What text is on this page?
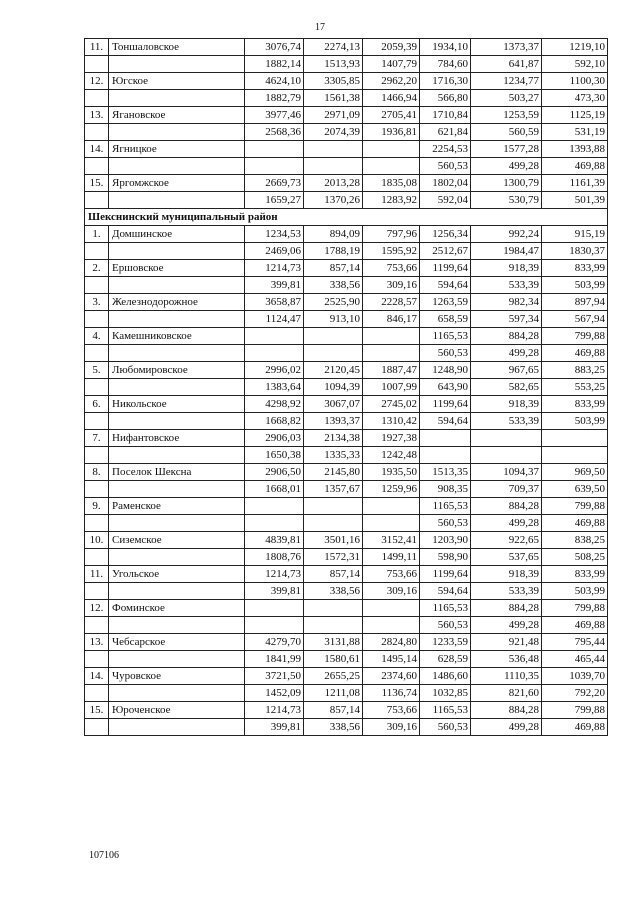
17
11.	Тоншаловское	3076,74	2274,13	2059,39	1934,10	1373,37	1219,10
		1882,14	1513,93	1407,79	784,60	641,87	592,10
12.	Югское	4624,10	3305,85	2962,20	1716,30	1234,77	1100,30
		1882,79	1561,38	1466,94	566,80	503,27	473,30
13.	Ягановское	3977,46	2971,09	2705,41	1710,84	1253,59	1125,19
		2568,36	2074,39	1936,81	621,84	560,59	531,19
14.	Ягницкое				2254,53	1577,28	1393,88
					560,53	499,28	469,88
15.	Яргомжское	2669,73	2013,28	1835,08	1802,04	1300,79	1161,39
		1659,27	1370,26	1283,92	592,04	530,79	501,39
Шекснинский муниципальный район							
1.	Домшинское	1234,53	894,09	797,96	1256,34	992,24	915,19
		2469,06	1788,19	1595,92	2512,67	1984,47	1830,37
2.	Ершовское	1214,73	857,14	753,66	1199,64	918,39	833,99
		399,81	338,56	309,16	594,64	533,39	503,99
3.	Железнодорожное	3658,87	2525,90	2228,57	1263,59	982,34	897,94
		1124,47	913,10	846,17	658,59	597,34	567,94
4.	Камешниковское				1165,53	884,28	799,88
					560,53	499,28	469,88
5.	Любомировское	2996,02	2120,45	1887,47	1248,90	967,65	883,25
		1383,64	1094,39	1007,99	643,90	582,65	553,25
6.	Никольское	4298,92	3067,07	2745,02	1199,64	918,39	833,99
		1668,82	1393,37	1310,42	594,64	533,39	503,99
7.	Нифантовское	2906,03	2134,38	1927,38			
		1650,38	1335,33	1242,48			
8.	Поселок Шексна	2906,50	2145,80	1935,50	1513,35	1094,37	969,50
		1668,01	1357,67	1259,96	908,35	709,37	639,50
9.	Раменское				1165,53	884,28	799,88
					560,53	499,28	469,88
10.	Сиземское	4839,81	3501,16	3152,41	1203,90	922,65	838,25
		1808,76	1572,31	1499,11	598,90	537,65	508,25
11.	Угольское	1214,73	857,14	753,66	1199,64	918,39	833,99
		399,81	338,56	309,16	594,64	533,39	503,99
12.	Фоминское				1165,53	884,28	799,88
					560,53	499,28	469,88
13.	Чебсарское	4279,70	3131,88	2824,80	1233,59	921,48	795,44
		1841,99	1580,61	1495,14	628,59	536,48	465,44
14.	Чуровское	3721,50	2655,25	2374,60	1486,60	1110,35	1039,70
		1452,09	1211,08	1136,74	1032,85	821,60	792,20
15.	Юроченское	1214,73	857,14	753,66	1165,53	884,28	799,88
		399,81	338,56	309,16	560,53	499,28	469,88
107106
